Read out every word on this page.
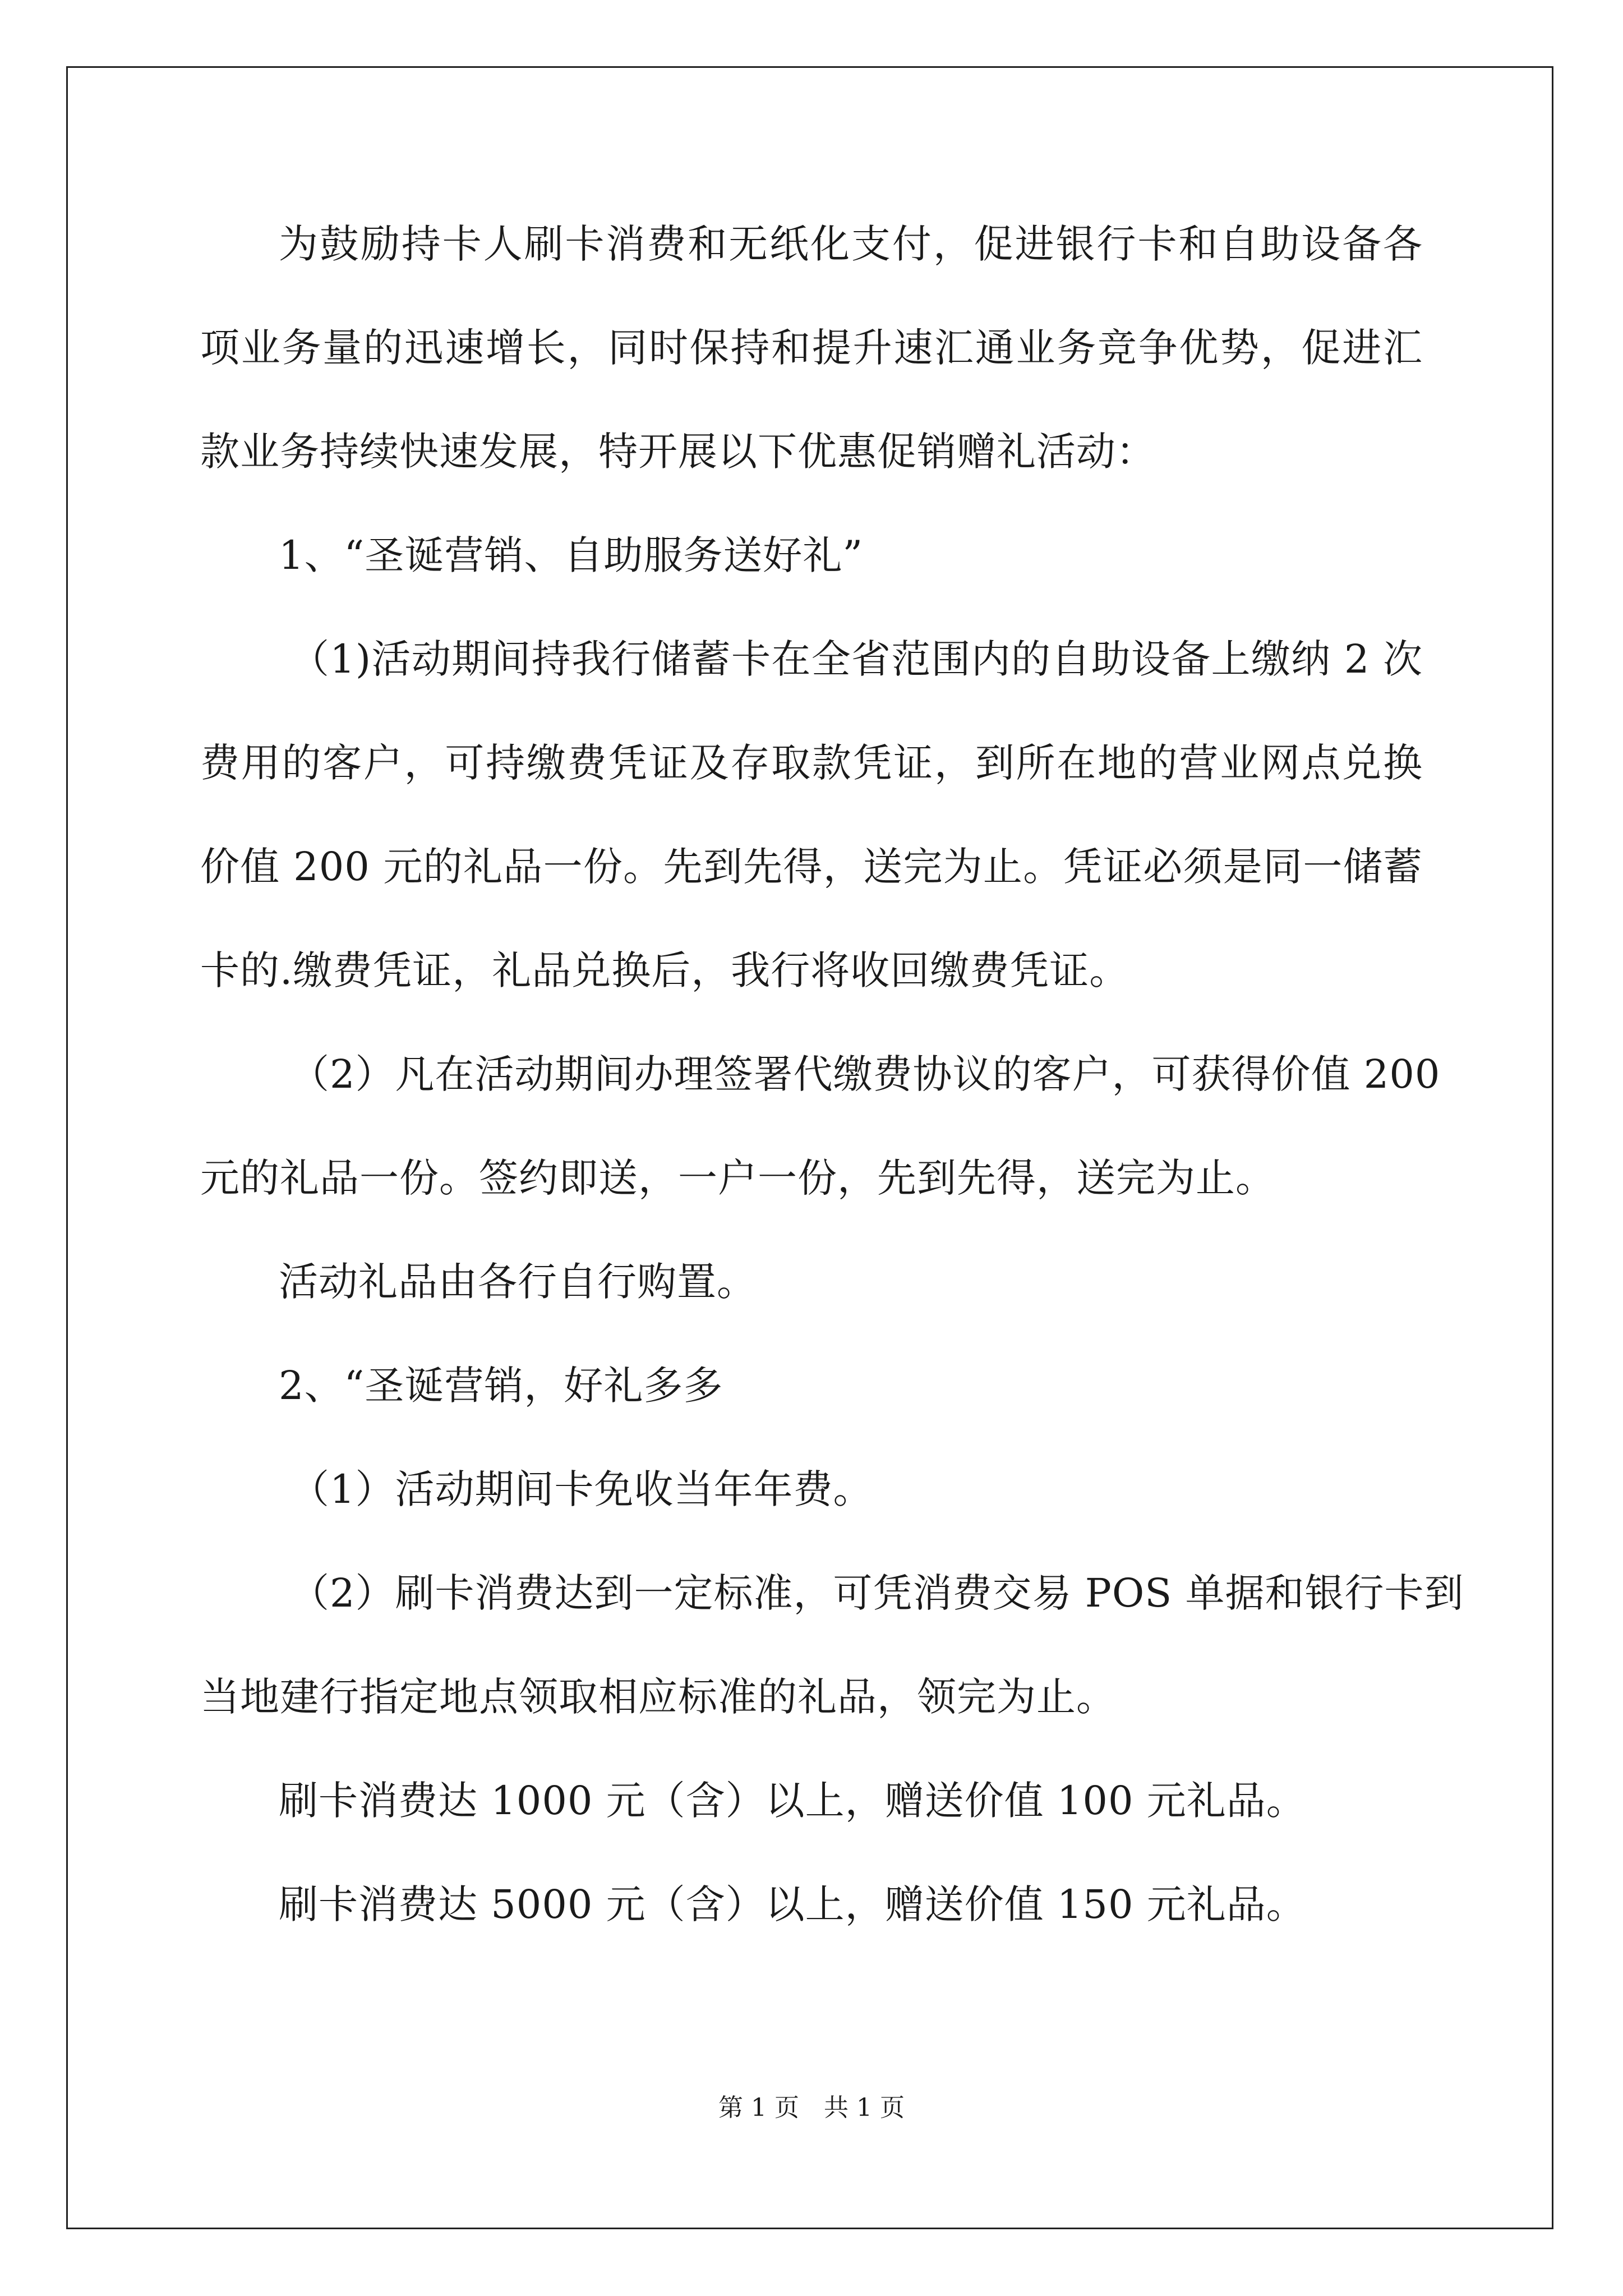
为鼓励持卡人刷卡消费和无纸化支付，促进银行卡和自助设备各
项业务量的迅速增长，同时保持和提升速汇通业务竞争优势，促进汇
款业务持续快速发展，特开展以下优惠促销赠礼活动：
1、“圣诞营销、自助服务送好礼”
（1)活动期间持我行储蓄卡在全省范围内的自助设备上缴纳 2 次
费用的客户，可持缴费凭证及存取款凭证，到所在地的营业网点兑换
价值 200 元的礼品一份。先到先得，送完为止。凭证必须是同一储蓄
卡的.缴费凭证，礼品兑换后，我行将收回缴费凭证。
（2）凡在活动期间办理签署代缴费协议的客户，可获得价值 200
元的礼品一份。签约即送，一户一份，先到先得，送完为止。
活动礼品由各行自行购置。
2、“圣诞营销，好礼多多
（1）活动期间卡免收当年年费。
（2）刷卡消费达到一定标准，可凭消费交易 POS 单据和银行卡到
当地建行指定地点领取相应标准的礼品，领完为止。
刷卡消费达 1000 元（含）以上，赠送价值 100 元礼品。
刷卡消费达 5000 元（含）以上，赠送价值 150 元礼品。
第 1 页　共 1 页
